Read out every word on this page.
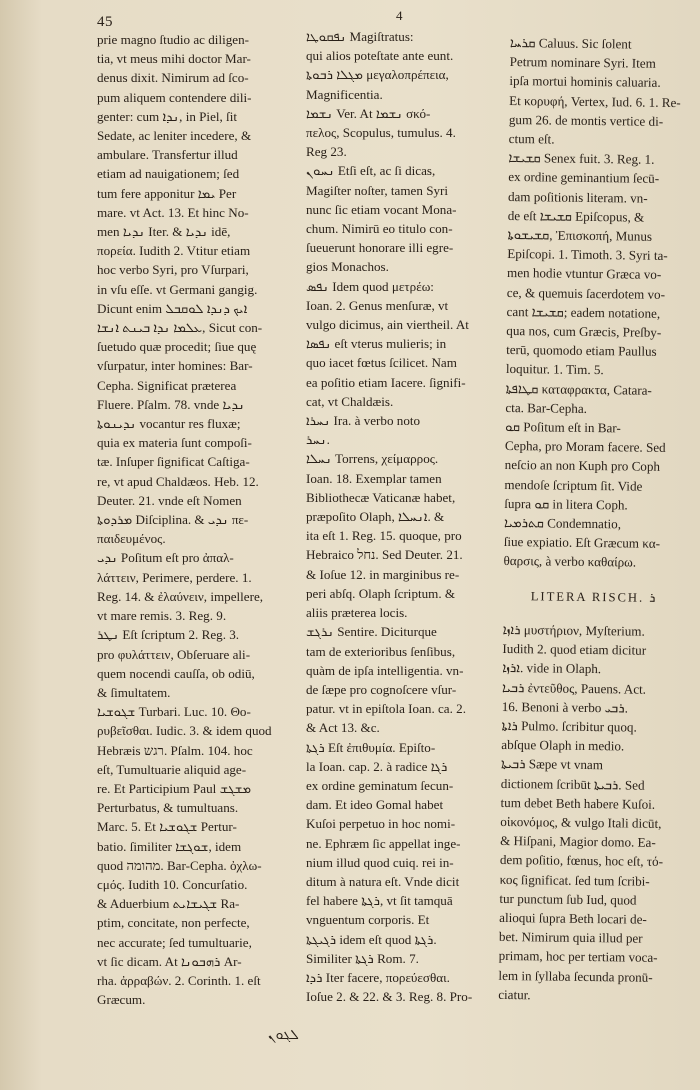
45	4

prie magno ſtudio ac diligen-

tia, vt meus mihi doctor Mar-

denus dixit. Nimirum ad ſco-

pum aliquem contendere dili-

genter: cum ܢܕܐ, in Piel, ſit

Sedate, ac leniter incedere, &

ambulare. Transfertur illud

etiam ad nauigationem; ſed

tum fere apponitur ܝܡܐ Per

mare. vt Act. 13. Et hinc No-

men ܢܕܝܐ Iter. & ܢܕܝܐ idē,

πορεία. Iudith 2. Vtitur etiam

hoc verbo Syri, pro Vſurpari,

in vſu eſſe. vt Germani gangig.

Dicunt enim ܐܝܟ ܕܢܕܐ ܠܘܩܒܠ

ܥܠܡܐ ܢܕܐ ܒܝܢܬ ܐܢܫܐ, Sicut con-

ſuetudo quæ procedit; ſiue quę

vſurpatur, inter homines: Bar-

Cepha. Significat præterea

Fluere. Pſalm. 78. vnde ܢܕܝܐ

ܢܕܝܢܘܬܐ vocantur res fluxæ;

quia ex materia ſunt compoſi-

tæ. Inſuper ſignificat Caſtiga-

re, vt apud Chaldæos. Heb. 12.

Deuter. 21. vnde eſt Nomen

ܡܪܕܘܬܐ Diſciplina. & ܢܕܝ πε-

παιδευμένος.

ܢܕܝ Poſitum eſt pro ἀπαλ-

λάττειν, Perimere, perdere. 1.

Reg. 14. & ἐλαύνειν, impellere,

vt mare remis. 3. Reg. 9.

ܢܛܪ Eſt ſcriptum 2. Reg. 3.

pro φυλάττειν, Obſeruare ali-

quem nocendi cauſſa, ob odiū,

& ſimultatem.

ܫܓܘܫܝܐ Turbari. Luc. 10. Θο-

ρυβεῖσθαι. Iudic. 3. & idem quod

Hebræis רגש. Pſalm. 104. hoc

eſt, Tumultuarie aliquid age-

re. Et Participium Paul ܡܫܓܫ

Perturbatus, & tumultuans.

Marc. 5. Et ܫܓܘܫܝܐ Pertur-

batio. ſimiliter ܫܘܓܫܐ, idem

quod מהומה. Bar-Cepha. ὀχλω-

ϲμός. Iudith 10. Concurſatio.

& Aduerbium ܫܓܝܫܐܝܬ Ra-

ptim, concitate, non perfecte,

nec accurate; ſed tumultuarie,

vt ſic dicam. At ܪܗܒܘܢܐ Ar-

rha. ἀρραβών. 2. Corinth. 1. eſt

Græcum.

ܢܦܩܘܛܐ Magiſtratus:

qui alios poteſtate ante eunt.

ܡܓܠܐ ܪܒܘܬܐ μεγαλοπρέπεια,

Magnificentia.

ܢܫܡܐ Ver. At ܢܫܡܐ σκό-

πελος, Scopulus, tumulus. 4.

Reg 23.

ܢܚܘܢ Etſi eſt, ac ſi dicas,

Magiſter noſter, tamen Syri

nunc ſic etiam vocant Mona-

chum. Nimirū eo titulo con-

ſueuerunt honorare illi egre-

gios Monachos.

ܢܦܣ Idem quod μετρέω:

Ioan. 2. Genus menſuræ, vt

vulgo dicimus, ain viertheil. At

ܢܦܣܐ eſt vterus mulieris; in

quo iacet fœtus ſcilicet. Nam

ea poſitio etiam Iacere. ſignifi-

cat, vt Chaldæis.

ܢܚܪܐ Ira. à verbo noto

ܢܚܪ.

ܢܚܠܐ Torrens, χείμαρρος.

Ioan. 18. Exemplar tamen

Bibliothecæ Vaticanæ habet,

præpoſito Olaph, ܐܢܚܠܐ. &

ita eſt 1. Reg. 15. quoque, pro

Hebraico נחל. Sed Deuter. 21.

& Ioſue 12. in marginibus re-

peri abſq. Olaph ſcriptum. &

aliis præterea locis.

ܢܪܓܫ Sentire. Diciturque

tam de exterioribus ſenſibus,

quàm de ipſa intelligentia. vn-

de ſæpe pro cognoſcere vſur-

patur. vt in epiſtola Ioan. ca. 2.

& Act 13. &c.

ܪܓܬܐ Eſt ἐπιθυμία. Epiſto-

la Ioan. cap. 2. à radice ܪܓܐ

ex ordine geminatum ſecun-

dam. Et ideo Gomal habet

Kuſoi perpetuo in hoc nomi-

ne. Ephræm ſic appellat inge-

nium illud quod cuiq. rei in-

ditum à natura eſt. Vnde dicit

fel habere ܪܓܬܐ, vt ſit tamquā

vnguentum corporis. Et

ܪܓܝܓܬܐ idem eſt quod ܪܓܬܐ.

Similiter ܪܓܬܐ Rom. 7.

ܪܕܐ Iter facere, πορεύεσθαι.

Ioſue 2. & 22. & 3. Reg. 8. Pro-

ܩܪܚܐ Caluus. Sic ſolent

Petrum nominare Syri. Item

ipſa mortui hominis caluaria.

Et κορυφή, Vertex, Iud. 6. 1. Re-

gum 26. de montis vertice di-

ctum eſt.

ܩܫܝܫܐ Senex fuit. 3. Reg. 1.

ex ordine geminantium ſecū-

dam poſitionis literam. vn-

de eſt ܩܫܝܫܐ Epiſcopus, &

ܩܫܝܫܘܬܐ, Ἐπισκοπή, Munus

Epiſcopi. 1. Timoth. 3. Syri ta-

men hodie vtuntur Græca vo-

ce, & quemuis ſacerdotem vo-

cant ܩܫܝܫܐ; eadem notatione,

qua nos, cum Græcis, Preſby-

terū, quomodo etiam Paullus

loquitur. 1. Tim. 5.

ܩܛܐܦܬܐ καταφρακτα, Catara-

cta. Bar-Cepha.

ܩܘ Poſitum eſt in Bar-

Cepha, pro Moram facere. Sed

neſcio an non Kuph pro Coph

mendoſe ſcriptum ſit. Vide

ſupra ܩܘ in litera Coph.

ܩܬܪܡܝܐ Condemnatio,

ſiue expiatio. Eſt Græcum κα-

θαρσις, à verbo καθαίρω.

LITERA RISCH. ܪ

ܪܐܙܐ μυστήριον, Myſterium.

Iudith 2. quod etiam dicitur

ܐܪܙܐ. vide in Olaph.

ܪܒܝܐ ἐντεῦθος, Pauens. Act.

16. Benoni à verbo ܪܒܝ.

ܪܐܬܐ Pulmo. ſcribitur quoq.

abſque Olaph in medio.

ܪܒܝܬܐ Sæpe vt vnam

dictionem ſcribūt ܪܒܝܬܐ. Sed

tum debet Beth habere Kuſoi.

οἰκονόμος, & vulgo Itali dicūt,

& Hiſpani, Magior domo. Ea-

dem poſitio, fœnus, hoc eſt, τό-

κος ſignificat. ſed tum ſcribi-

tur punctum ſub Iud, quod

alioqui ſupra Beth locari de-

bet. Nimirum quia illud per

primam, hoc per tertiam voca-

lem in ſyllaba ſecunda pronū-

ciatur.

ܠܓܘܢ
